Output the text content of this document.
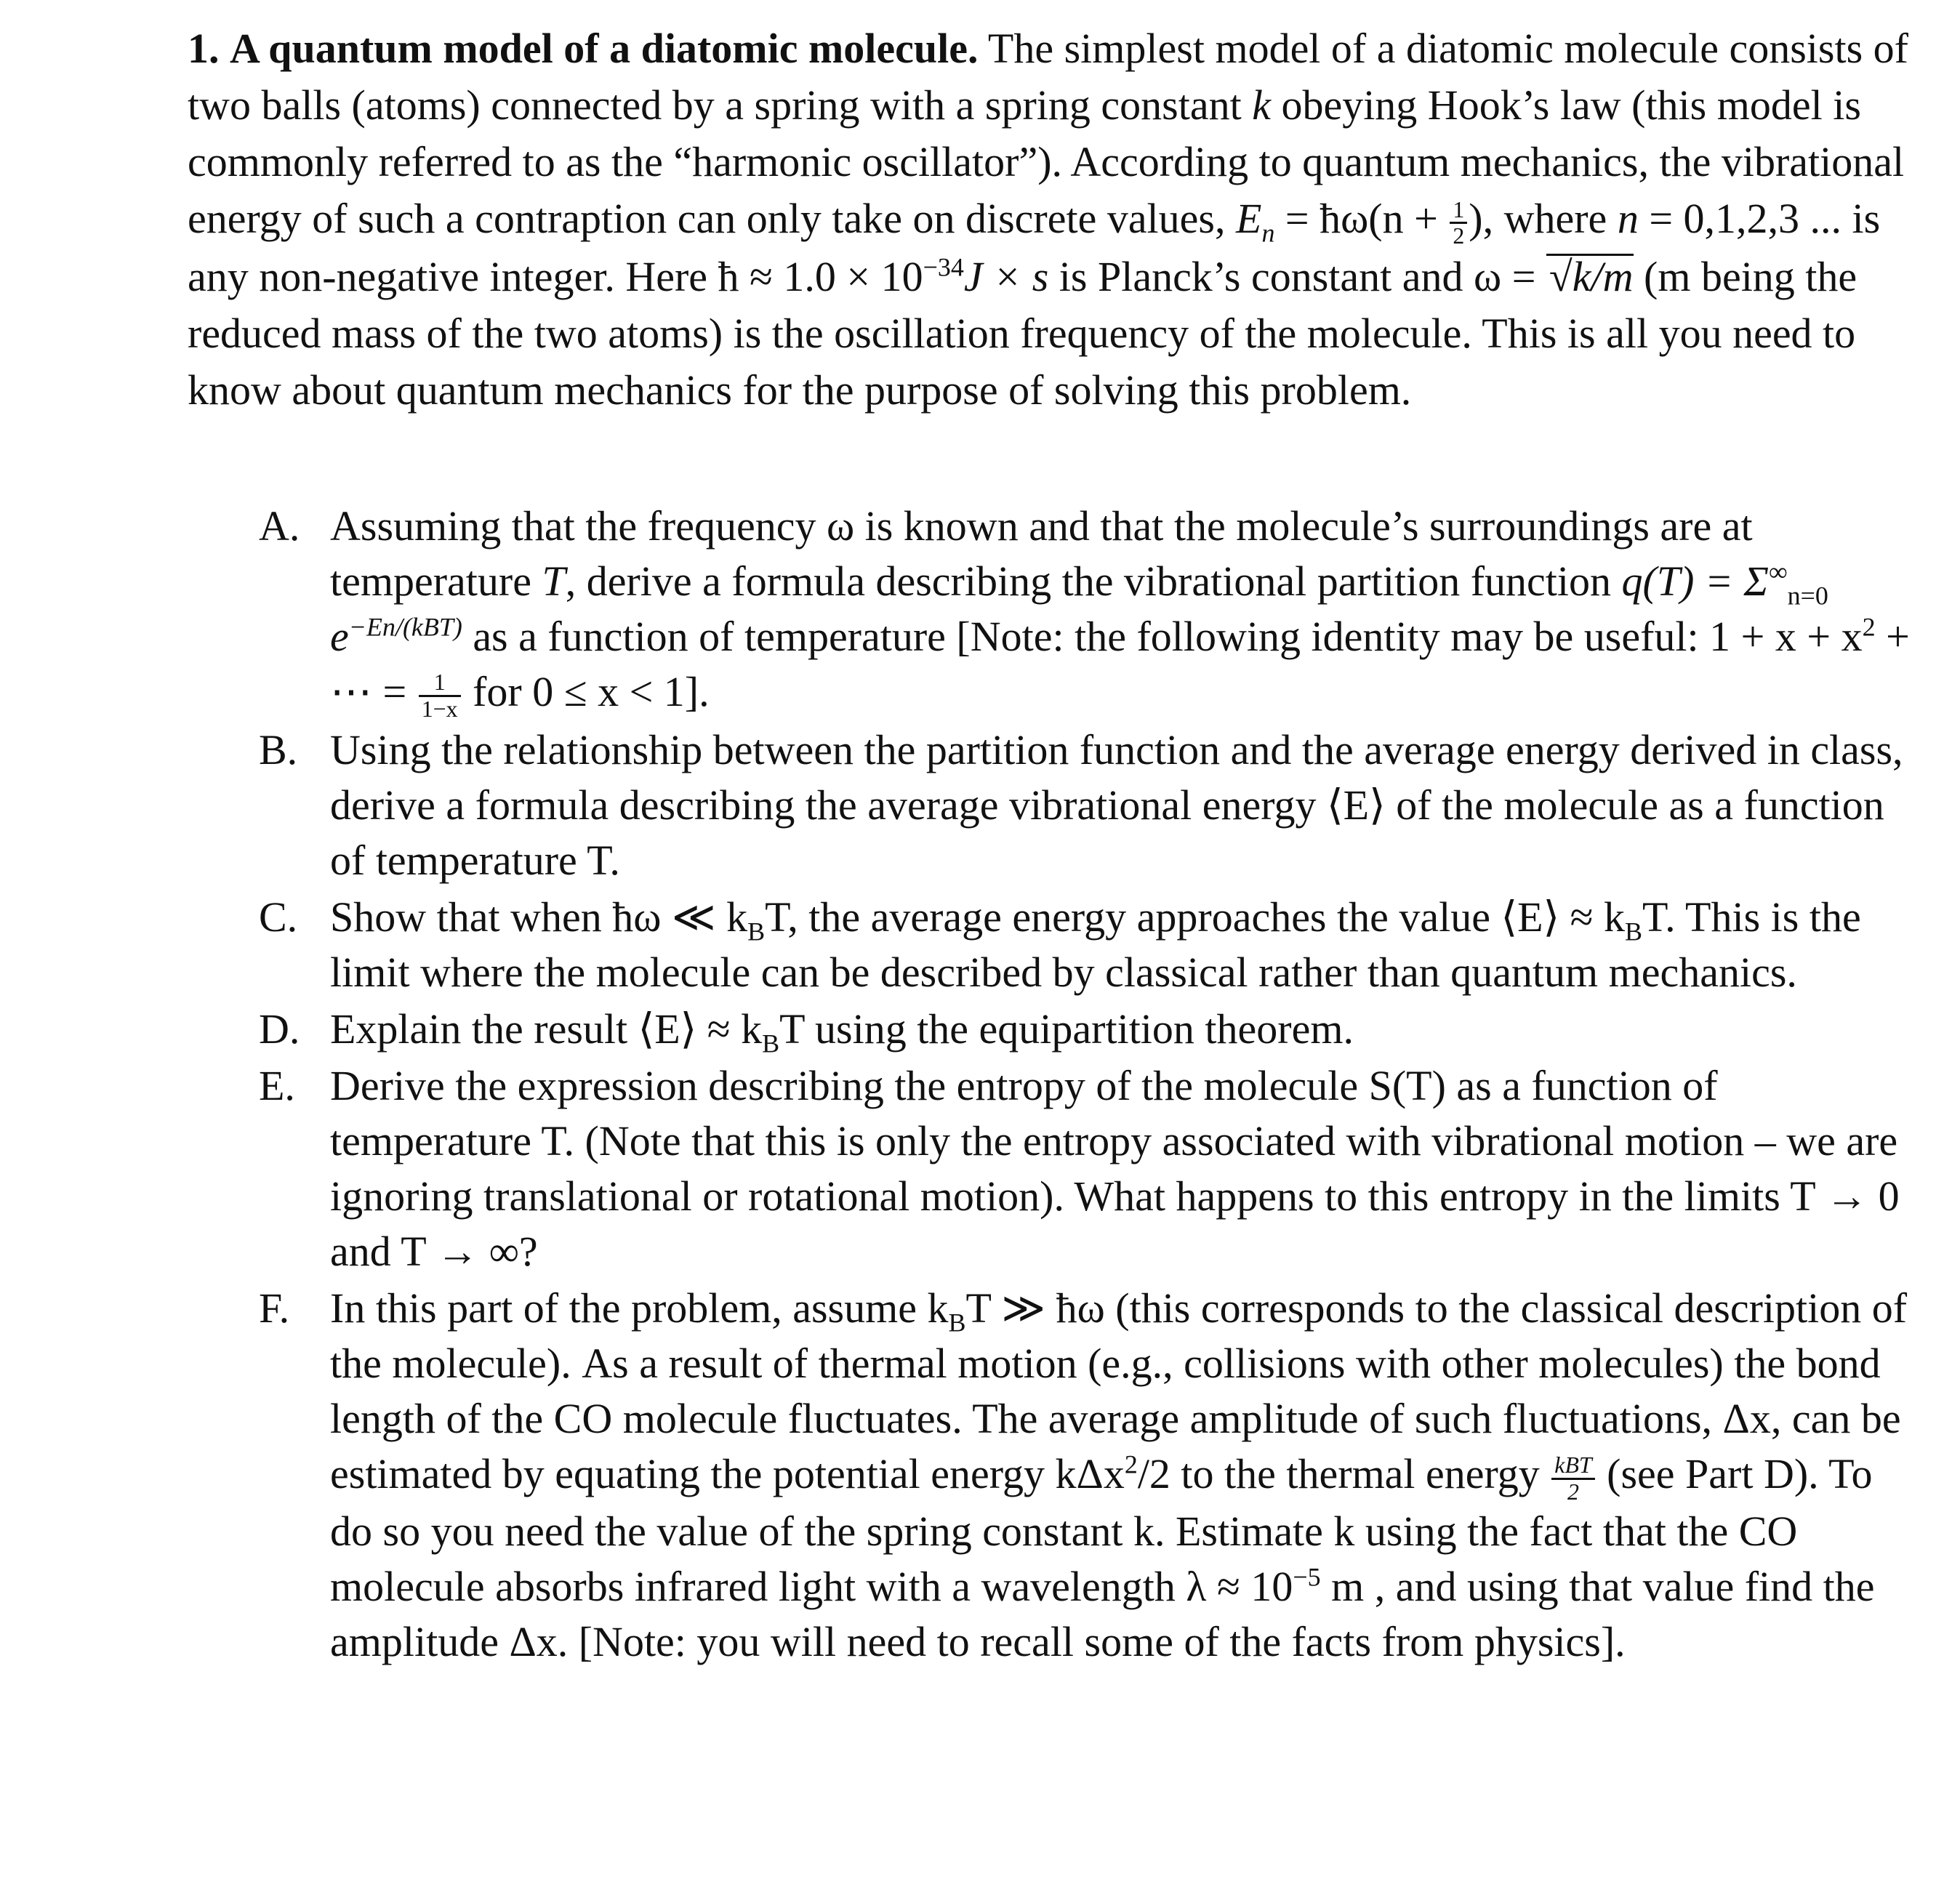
1. A quantum model of a diatomic molecule. The simplest model of a diatomic molecule consists of two balls (atoms) connected by a spring with a spring constant k obeying Hook’s law (this model is commonly referred to as the “harmonic oscillator”). According to quantum mechanics, the vibrational energy of such a contraption can only take on discrete values, $E_n$ = ħω(n + $\frac{1}{2}$ ), where n = 0,1,2,3 ... is any non-negative integer. Here ħ ≈ $1.0 \times 10^{-34}J \times s$ is Planck’s constant and ω = √k/m (m being the reduced mass of the two atoms) is the oscillation frequency of the molecule. This is all you need to know about quantum mechanics for the purpose of solving this problem.

A. Assuming that the frequency ω is known and that the molecule’s surroundings are at temperature T, derive a formula describing the vibrational partition function $q(T) = \Sigma^\infty_{n=0}$ $e^{-En/(kBT)}$ as a function of temperature [Note: the following identity may be useful: $1 + x + x^2$ + ⋯ = $\frac{1}{1-x}$ for 0 ≤ x < 1].
B. Using the relationship between the partition function and the average energy derived in class, derive a formula describing the average vibrational energy ⟨E⟩ of the molecule as a function of temperature T.
C. Show that when ħω ≪ $k_BT$, the average energy approaches the value ⟨E⟩ ≈ $k_BT$. This is the limit where the molecule can be described by classical rather than quantum mechanics.
D. Explain the result ⟨E⟩ ≈ $k_BT$ using the equipartition theorem.
E. Derive the expression describing the entropy of the molecule S(T) as a function of temperature T. (Note that this is only the entropy associated with vibrational motion – we are ignoring translational or rotational motion). What happens to this entropy in the limits T → 0 and T → ∞?
F. In this part of the problem, assume $k_BT$ ≫ ħω (this corresponds to the classical description of the molecule). As a result of thermal motion (e.g., collisions with other molecules) the bond length of the CO molecule fluctuates. The average amplitude of such fluctuations, Δx, can be estimated by equating the potential energy kΔx$^2$/2 to the thermal energy $\frac{\text{kBT}}{2} (see$ Part D). To do so you need the value of the spring constant k. Estimate k using the fact that the CO molecule absorbs infrared light with a wavelength $\lambda \approx 10^{-5}$ m , and using that value find the amplitude Δx. [Note: you will need to recall some of the facts from physics].
